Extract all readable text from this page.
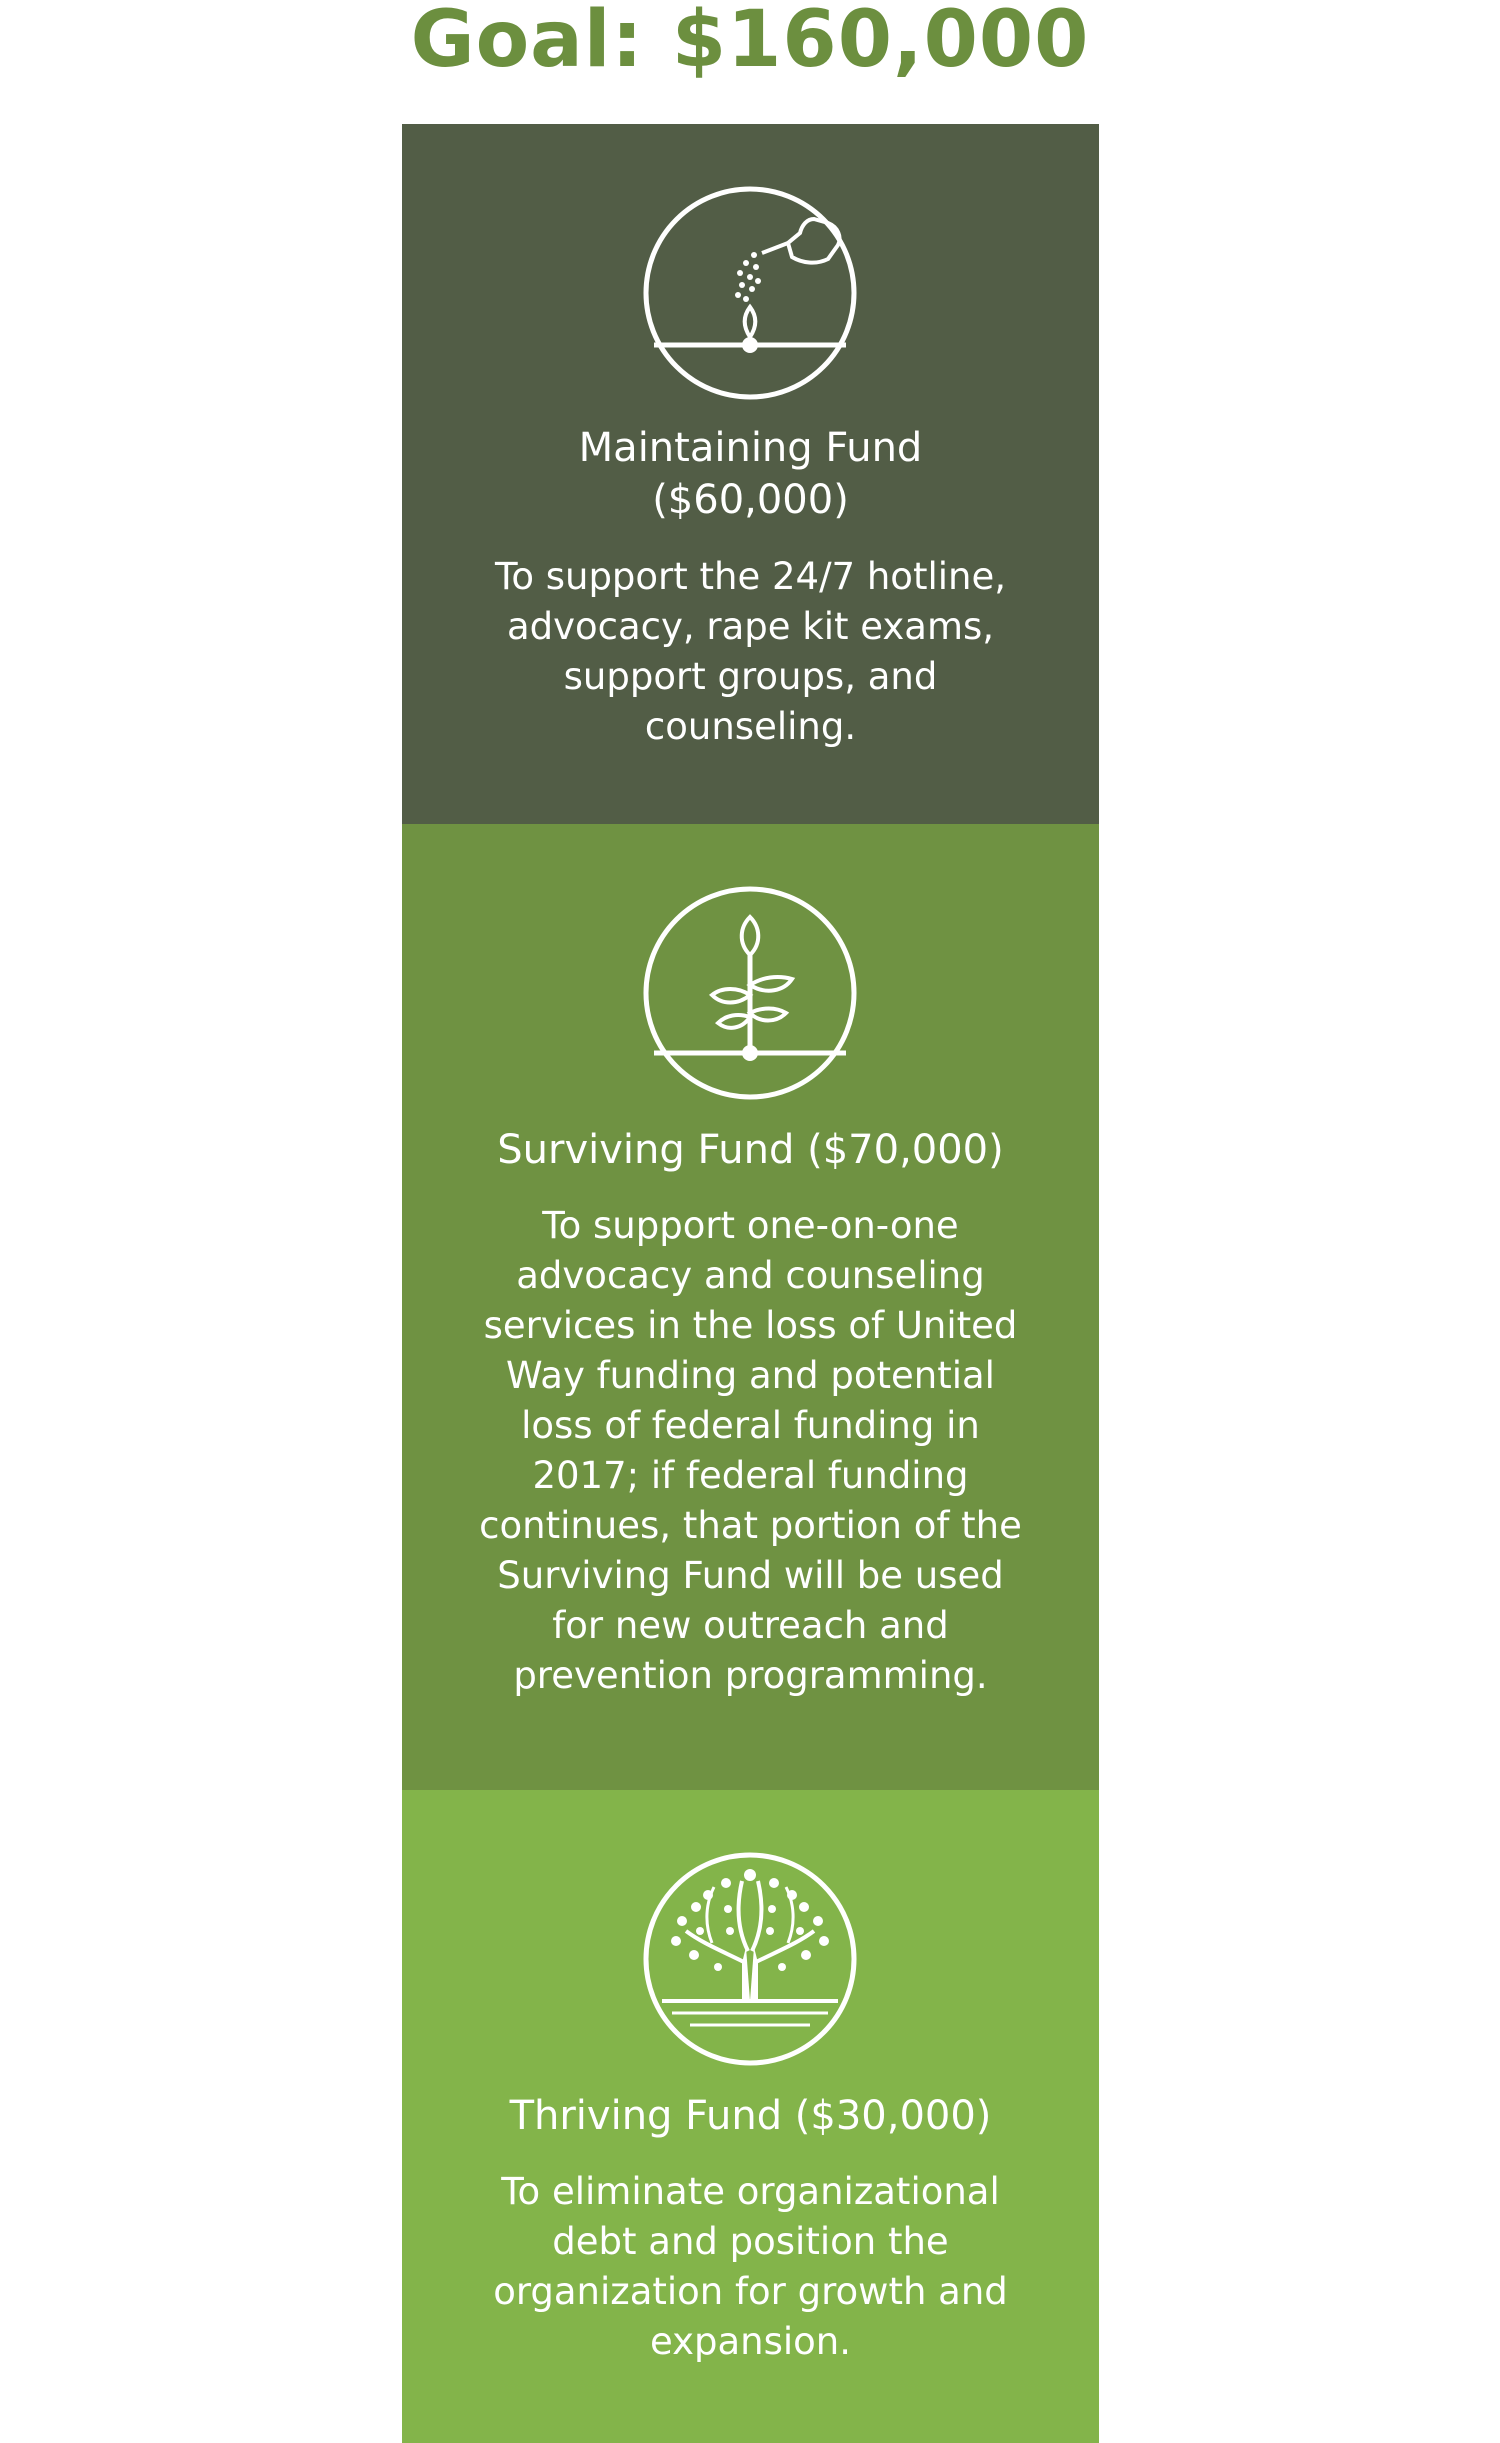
Goal: $160,000
Maintaining Fund
($60,000)
To support the 24/7 hotline, advocacy, rape kit exams, support groups, and counseling.
Surviving Fund ($70,000)
To support one-on-one advocacy and counseling services in the loss of United Way funding and potential loss of federal funding in 2017; if federal funding continues, that portion of the Surviving Fund will be used for new outreach and prevention programming.
Thriving Fund ($30,000)
To eliminate organizational debt and position the organization for growth and expansion.
